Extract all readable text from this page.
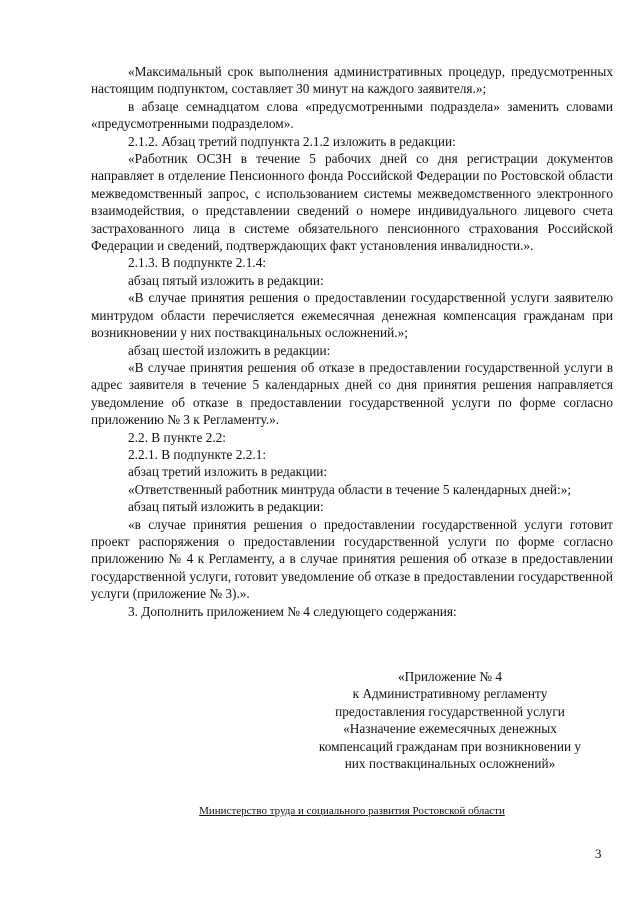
«Максимальный срок выполнения административных процедур, предусмотренных настоящим подпунктом, составляет 30 минут на каждого заявителя.»;

в абзаце семнадцатом слова «предусмотренными подраздела» заменить словами «предусмотренными подразделом».

2.1.2. Абзац третий подпункта 2.1.2 изложить в редакции:

«Работник ОСЗН в течение 5 рабочих дней со дня регистрации документов направляет в отделение Пенсионного фонда Российской Федерации по Ростовской области межведомственный запрос, с использованием системы межведомственного электронного взаимодействия, о представлении сведений о номере индивидуального лицевого счета застрахованного лица в системе обязательного пенсионного страхования Российской Федерации и сведений, подтверждающих факт установления инвалидности.».

2.1.3. В подпункте 2.1.4:

абзац пятый изложить в редакции:

«В случае принятия решения о предоставлении государственной услуги заявителю минтрудом области перечисляется ежемесячная денежная компенсация гражданам при возникновении у них поствакцинальных осложнений.»;

абзац шестой изложить в редакции:

«В случае принятия решения об отказе в предоставлении государственной услуги в адрес заявителя в течение 5 календарных дней со дня принятия решения направляется уведомление об отказе в предоставлении государственной услуги по форме согласно приложению № 3 к Регламенту.».

2.2. В пункте 2.2:

2.2.1. В подпункте 2.2.1:

абзац третий изложить в редакции:

«Ответственный работник минтруда области в течение 5 календарных дней:»;

абзац пятый изложить в редакции:

«в случае принятия решения о предоставлении государственной услуги готовит проект распоряжения о предоставлении государственной услуги по форме согласно приложению № 4 к Регламенту, а в случае принятия решения об отказе в предоставлении государственной услуги, готовит уведомление об отказе в предоставлении государственной услуги (приложение № 3).».

3. Дополнить приложением № 4 следующего содержания:

«Приложение № 4
к Административному регламенту
предоставления государственной услуги
«Назначение ежемесячных денежных
компенсаций гражданам при возникновении у
них поствакцинальных осложнений»
Министерство труда и социального развития Ростовской области
3
